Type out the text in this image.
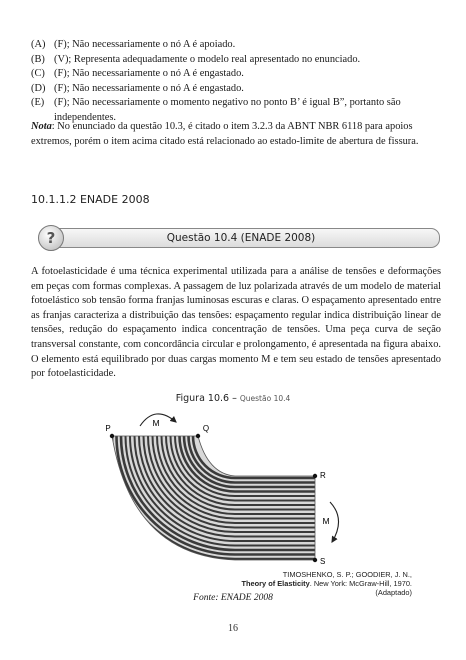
(A) (F); Não necessariamente o nó A é apoiado.
(B) (V); Representa adequadamente o modelo real apresentado no enunciado.
(C) (F); Não necessariamente o nó A é engastado.
(D) (F); Não necessariamente o nó A é engastado.
(E) (F); Não necessariamente o momento negativo no ponto B’ é igual B”, portanto são independentes.
Nota: No enunciado da questão 10.3, é citado o item 3.2.3 da ABNT NBR 6118 para apoios extremos, porém o item acima citado está relacionado ao estado-limite de abertura de fissura.
10.1.1.2 ENADE 2008
Questão 10.4 (ENADE 2008)
?
A fotoelasticidade é uma técnica experimental utilizada para a análise de tensões e deformações em peças com formas complexas. A passagem de luz polarizada através de um modelo de material fotoelástico sob tensão forma franjas luminosas escuras e claras. O espaçamento apresentado entre as franjas caracteriza a distribuição das tensões: espaçamento regular indica distribuição linear de tensões, redução do espaçamento indica concentração de tensões. Uma peça curva de seção transversal constante, com concordância circular e prolongamento, é apresentada na figura abaixo. O elemento está equilibrado por duas cargas momento M e tem seu estado de tensões apresentado por fotoelasticidade.
Figura 10.6 – Questão 10.4
P	Q
R
S
M
M
TIMOSHENKO, S. P.; GOODIER, J. N.,
Theory of Elasticity. New York: McGraw-Hill, 1970. (Adaptado)
Fonte: ENADE 2008
16
